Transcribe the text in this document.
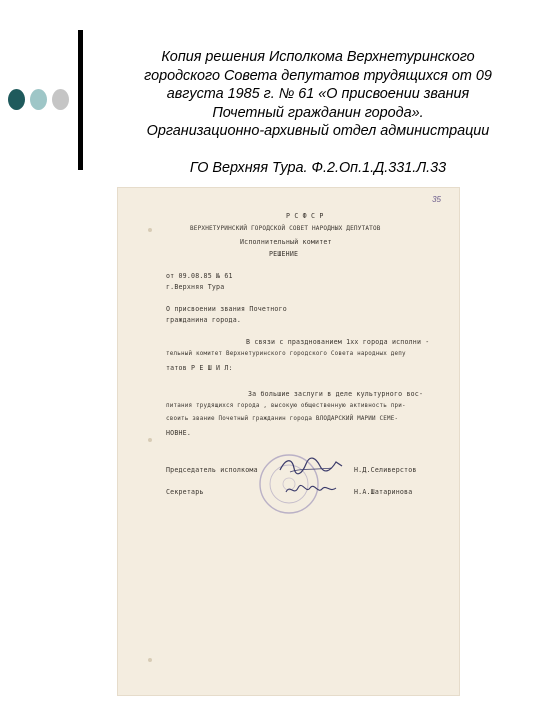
Копия решения Исполкома Верхнетуринского

городского Совета депутатов трудящихся от 09

августа 1985 г. № 61 «О присвоении звания

Почетный гражданин города».

Организационно-архивный отдел администрации

ГО Верхняя Тура. Ф.2.Оп.1.Д.331.Л.33

35
Р С Ф С Р
ВЕРХНЕТУРИНСКИЙ ГОРОДСКОЙ СОВЕТ НАРОДНЫХ ДЕПУТАТОВ
Исполнительный комитет
РЕШЕНИЕ
от 09.08.85 № 61
г.Верхняя Тура
О присвоении звания Почетного
гражданина города.
В связи с празднованием 1хх города исполни -
тельный комитет Верхнетуринского городского Совета народных депу
татов Р Е Ш И Л:
За большие заслуги в деле культурного вос-
питания трудящихся города , высокую общественную активность при-
своить звание Почетный гражданин города ВЛОДАРСКИЙ МАРИИ СЕМЕ-
НОВНЕ.
Председатель исполкома	Н.Д.Селиверстов
Секретарь	Н.А.Шатаринова
